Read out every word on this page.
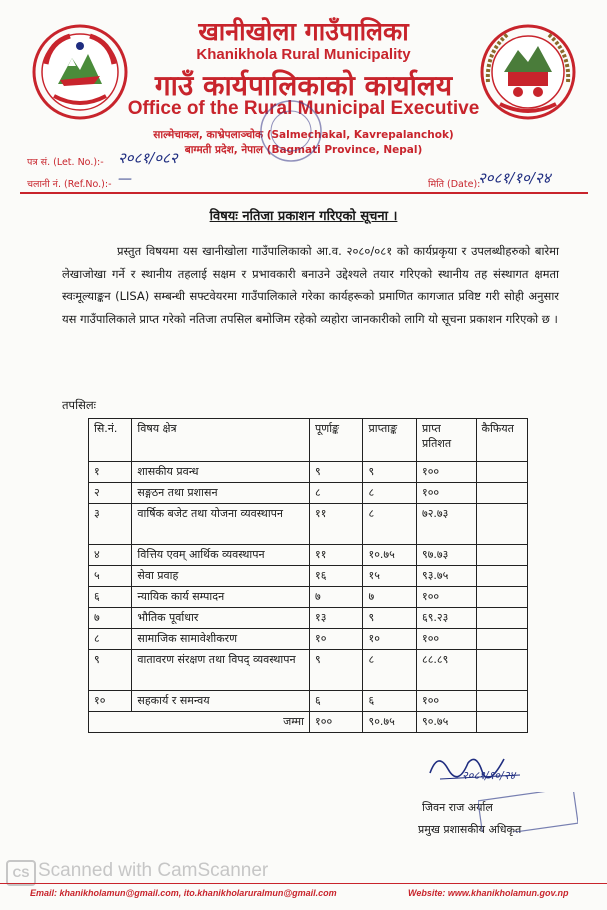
खानीखोला गाउँपालिका
Khanikhola Rural Municipality
गाउँ कार्यपालिकाको कार्यालय
Office of the Rural Municipal Executive
साल्मेचाकल, काभ्रेपलाञ्चोक (Salmechakal, Kavrepalanchok)
बाग्मती प्रदेश, नेपाल (Bagmati Province, Nepal)
पत्र सं. (Let. No.):- २०८१/०८२
चलानी नं. (Ref.No.):- —	मिति (Date):
२०८१/१०/२४
विषयः नतिजा प्रकाशन गरिएको सूचना ।

प्रस्तुत विषयमा यस खानीखोला गाउँपालिकाको आ.व. २०८०/०८१ को कार्यप्रकृया र उपलब्धीहरुको बारेमा लेखाजोखा गर्ने र स्थानीय तहलाई सक्षम र प्रभावकारी बनाउने उद्देश्यले तयार गरिएको स्थानीय तह संस्थागत क्षमता स्वःमूल्याङ्कन (LISA) सम्बन्धी सफ्टवेयरमा गाउँपालिकाले गरेका कार्यहरूको प्रमाणित कागजात प्रविष्ट गरी सोही अनुसार यस गाउँपालिकाले प्राप्त गरेको नतिजा तपसिल बमोजिम रहेको व्यहोरा जानकारीको लागि यो सूचना प्रकाशन गरिएको छ ।

तपसिलः
सि.नं.	विषय क्षेत्र	पूर्णाङ्क	प्राप्ताङ्क	प्राप्त प्रतिशत	कैफियत
१	शासकीय प्रवन्ध	९	९	१००	
२	सङ्गठन तथा प्रशासन	८	८	१००	
३	वार्षिक बजेट तथा योजना व्यवस्थापन	११	८	७२.७३	
४	वित्तिय एवम् आर्थिक व्यवस्थापन	११	१०.७५	९७.७३	
५	सेवा प्रवाह	१६	१५	९३.७५	
६	न्यायिक कार्य सम्पादन	७	७	१००	
७	भौतिक पूर्वाधार	१३	९	६९.२३	
८	सामाजिक सामावेशीकरण	१०	१०	१००	
९	वातावरण संरक्षण तथा विपद् व्यवस्थापन	९	८	८८.८९	
१०	सहकार्य र समन्वय	६	६	१००	
जम्मा		१००	९०.७५	९०.७५	
२०८१/१०/२४
जिवन राज अर्याल
प्रमुख प्रशासकीय अधिकृत
CS Scanned with CamScanner
Email: khanikholamun@gmail.com, ito.khanikholaruralmun@gmail.com	Website: www.khanikholamun.gov.np
